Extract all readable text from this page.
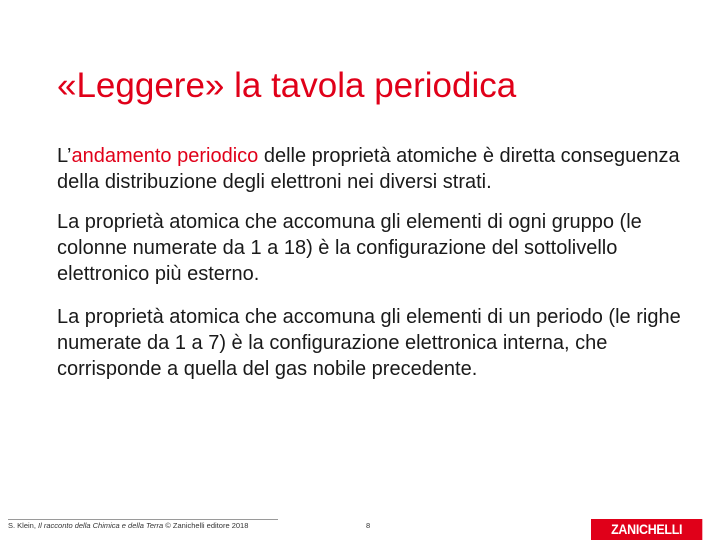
«Leggere» la tavola periodica

L’andamento periodico delle proprietà atomiche è diretta conseguenza della distribuzione degli elettroni nei diversi strati.

La proprietà atomica che accomuna gli elementi di ogni gruppo (le colonne numerate da 1 a 18) è la configurazione del sottolivello elettronico più esterno.

La proprietà atomica che accomuna gli elementi di un periodo (le righe numerate da 1 a 7) è la configurazione elettronica interna, che corrisponde a quella del gas nobile precedente.

S. Klein, Il racconto della Chimica e della Terra © Zanichelli editore 2018	8	ZANICHELLI
